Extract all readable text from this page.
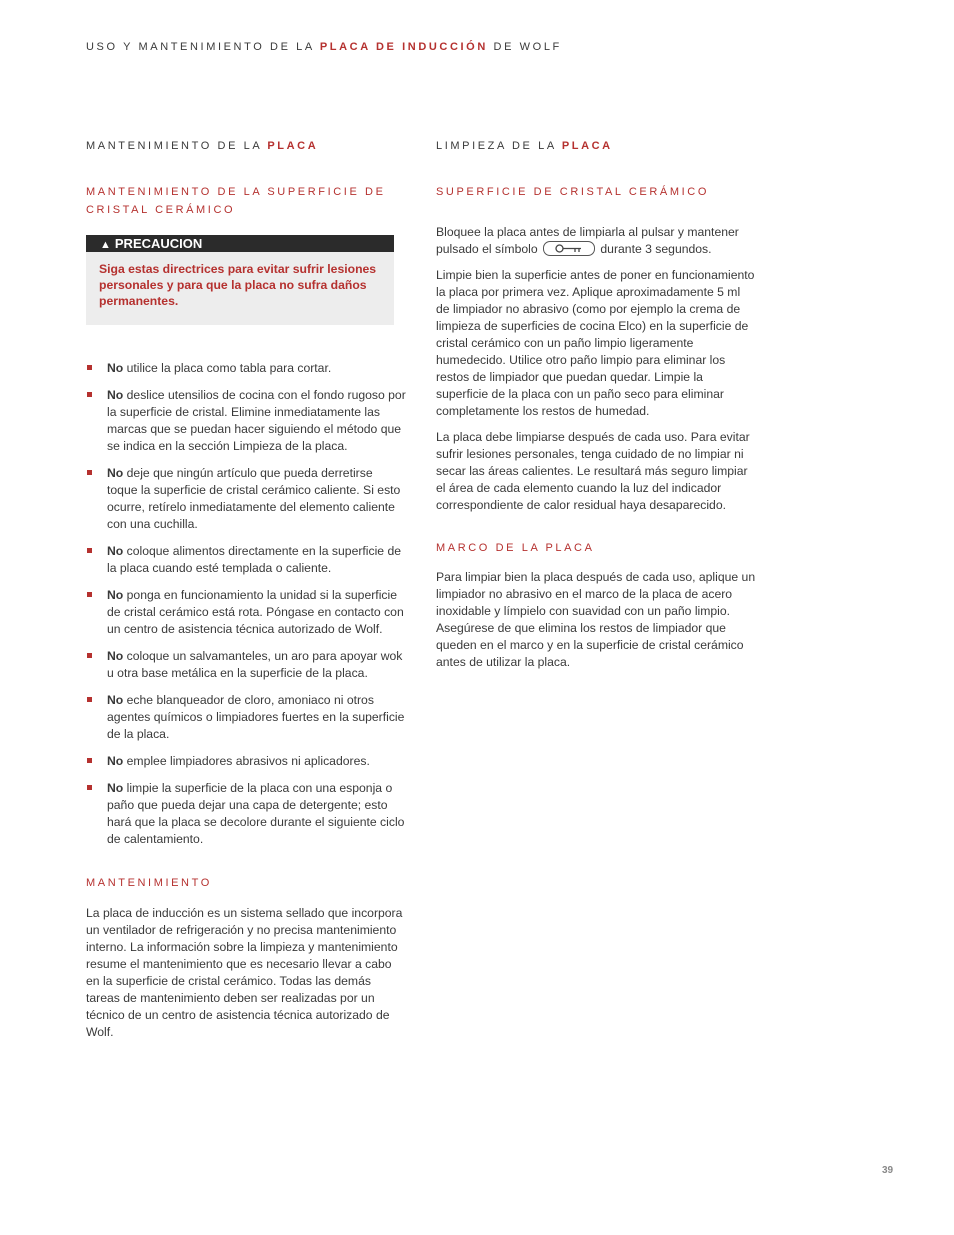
USO Y MANTENIMIENTO DE LA PLACA DE INDUCCIÓN DE WOLF

MANTENIMIENTO DE LA PLACA

MANTENIMIENTO DE LA SUPERFICIE DE CRISTAL CERÁMICO

▲ PRECAUCION
Siga estas directrices para evitar sufrir lesiones personales y para que la placa no sufra daños permanentes.
No utilice la placa como tabla para cortar.
No deslice utensilios de cocina con el fondo rugoso por la superficie de cristal. Elimine inmediatamente las marcas que se puedan hacer siguiendo el método que se indica en la sección Limpieza de la placa.
No deje que ningún artículo que pueda derretirse toque la superficie de cristal cerámico caliente. Si esto ocurre, retírelo inmediatamente del elemento caliente con una cuchilla.
No coloque alimentos directamente en la superficie de la placa cuando esté templada o caliente.
No ponga en funcionamiento la unidad si la superficie de cristal cerámico está rota. Póngase en contacto con un centro de asistencia técnica autorizado de Wolf.
No coloque un salvamanteles, un aro para apoyar wok u otra base metálica en la superficie de la placa.
No eche blanqueador de cloro, amoniaco ni otros agentes químicos o limpiadores fuertes en la superficie de la placa.
No emplee limpiadores abrasivos ni aplicadores.
No limpie la superficie de la placa con una esponja o paño que pueda dejar una capa de detergente; esto hará que la placa se decolore durante el siguiente ciclo de calentamiento.

MANTENIMIENTO

La placa de inducción es un sistema sellado que incorpora un ventilador de refrigeración y no precisa mantenimiento interno. La información sobre la limpieza y mantenimiento resume el mantenimiento que es necesario llevar a cabo en la superficie de cristal cerámico. Todas las demás tareas de mantenimiento deben ser realizadas por un técnico de un centro de asistencia técnica autorizado de Wolf.

LIMPIEZA DE LA PLACA

SUPERFICIE DE CRISTAL CERÁMICO

Bloquee la placa antes de limpiarla al pulsar y mantener pulsado el símbolo	durante 3 segundos.

Limpie bien la superficie antes de poner en funcionamiento la placa por primera vez. Aplique aproximadamente 5 ml de limpiador no abrasivo (como por ejemplo la crema de limpieza de superficies de cocina Elco) en la superficie de cristal cerámico con un paño limpio ligeramente humedecido. Utilice otro paño limpio para eliminar los restos de limpiador que puedan quedar. Limpie la superficie de la placa con un paño seco para eliminar completamente los restos de humedad.

La placa debe limpiarse después de cada uso. Para evitar sufrir lesiones personales, tenga cuidado de no limpiar ni secar las áreas calientes. Le resultará más seguro limpiar el área de cada elemento cuando la luz del indicador correspondiente de calor residual haya desaparecido.

MARCO DE LA PLACA

Para limpiar bien la placa después de cada uso, aplique un limpiador no abrasivo en el marco de la placa de acero inoxidable y límpielo con suavidad con un paño limpio. Asegúrese de que elimina los restos de limpiador que queden en el marco y en la superficie de cristal cerámico antes de utilizar la placa.

39
